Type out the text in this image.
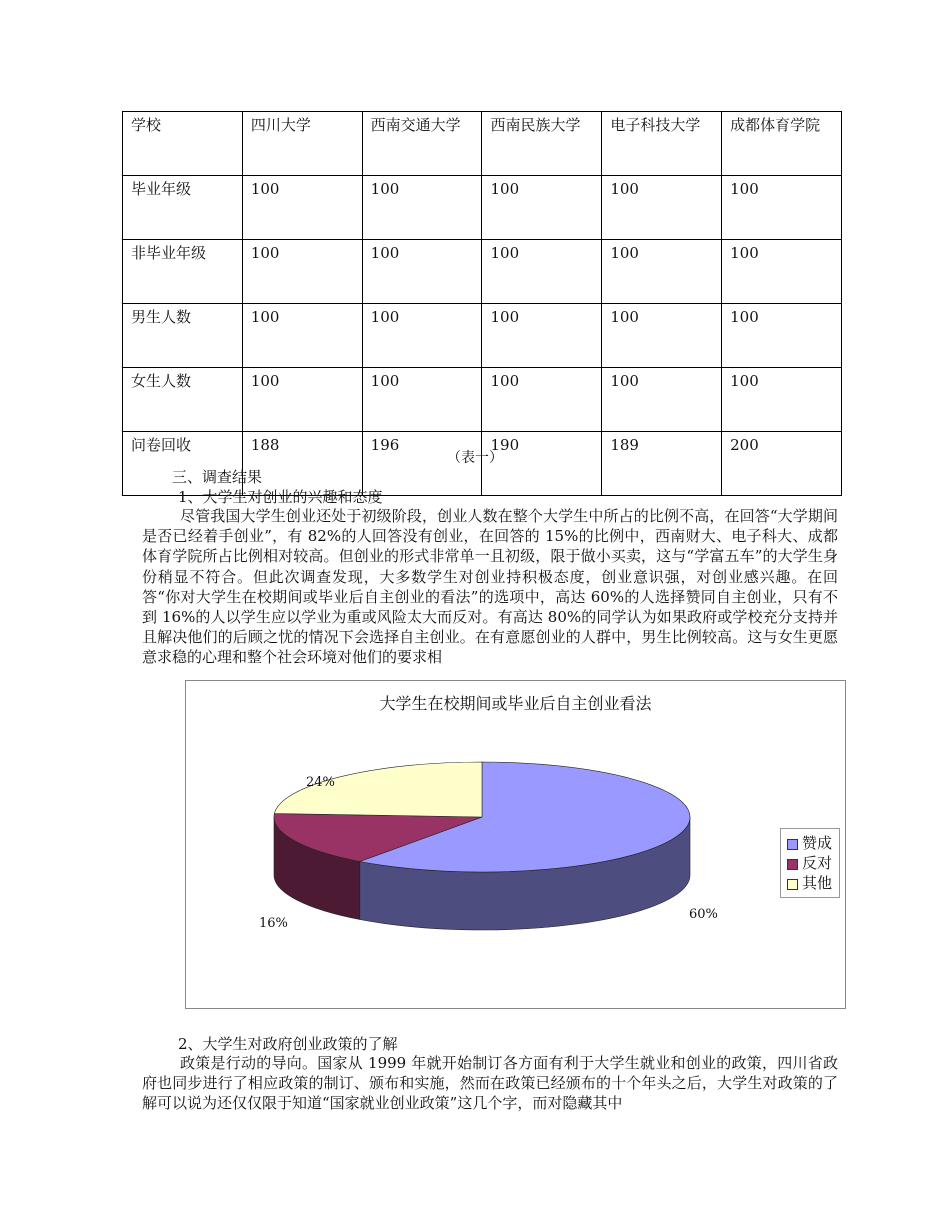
学校	四川大学	西南交通大学	西南民族大学	电子科技大学	成都体育学院
毕业年级	100	100	100	100	100
非毕业年级	100	100	100	100	100
男生人数	100	100	100	100	100
女生人数	100	100	100	100	100
问卷回收	188	196	190	189	200
（表一）
三、调查结果
1、大学生对创业的兴趣和态度
尽管我国大学生创业还处于初级阶段，创业人数在整个大学生中所占的比例不高，在回答“大学期间是否已经着手创业”，有 82%的人回答没有创业，在回答的 15%的比例中，西南财大、电子科大、成都体育学院所占比例相对较高。但创业的形式非常单一且初级，限于做小买卖，这与“学富五车”的大学生身份稍显不符合。但此次调查发现，大多数学生对创业持积极态度，创业意识强，对创业感兴趣。在回答“你对大学生在校期间或毕业后自主创业的看法”的选项中，高达 60%的人选择赞同自主创业，只有不到 16%的人以学生应以学业为重或风险太大而反对。有高达 80%的同学认为如果政府或学校充分支持并且解决他们的后顾之忧的情况下会选择自主创业。在有意愿创业的人群中，男生比例较高。这与女生更愿意求稳的心理和整个社会环境对他们的要求相
大学生在校期间或毕业后自主创业看法
60%
16%
24%
赞成
反对
其他
2、大学生对政府创业政策的了解
政策是行动的导向。国家从 1999 年就开始制订各方面有利于大学生就业和创业的政策，四川省政府也同步进行了相应政策的制订、颁布和实施，然而在政策已经颁布的十个年头之后，大学生对政策的了解可以说为还仅仅限于知道“国家就业创业政策”这几个字，而对隐藏其中
